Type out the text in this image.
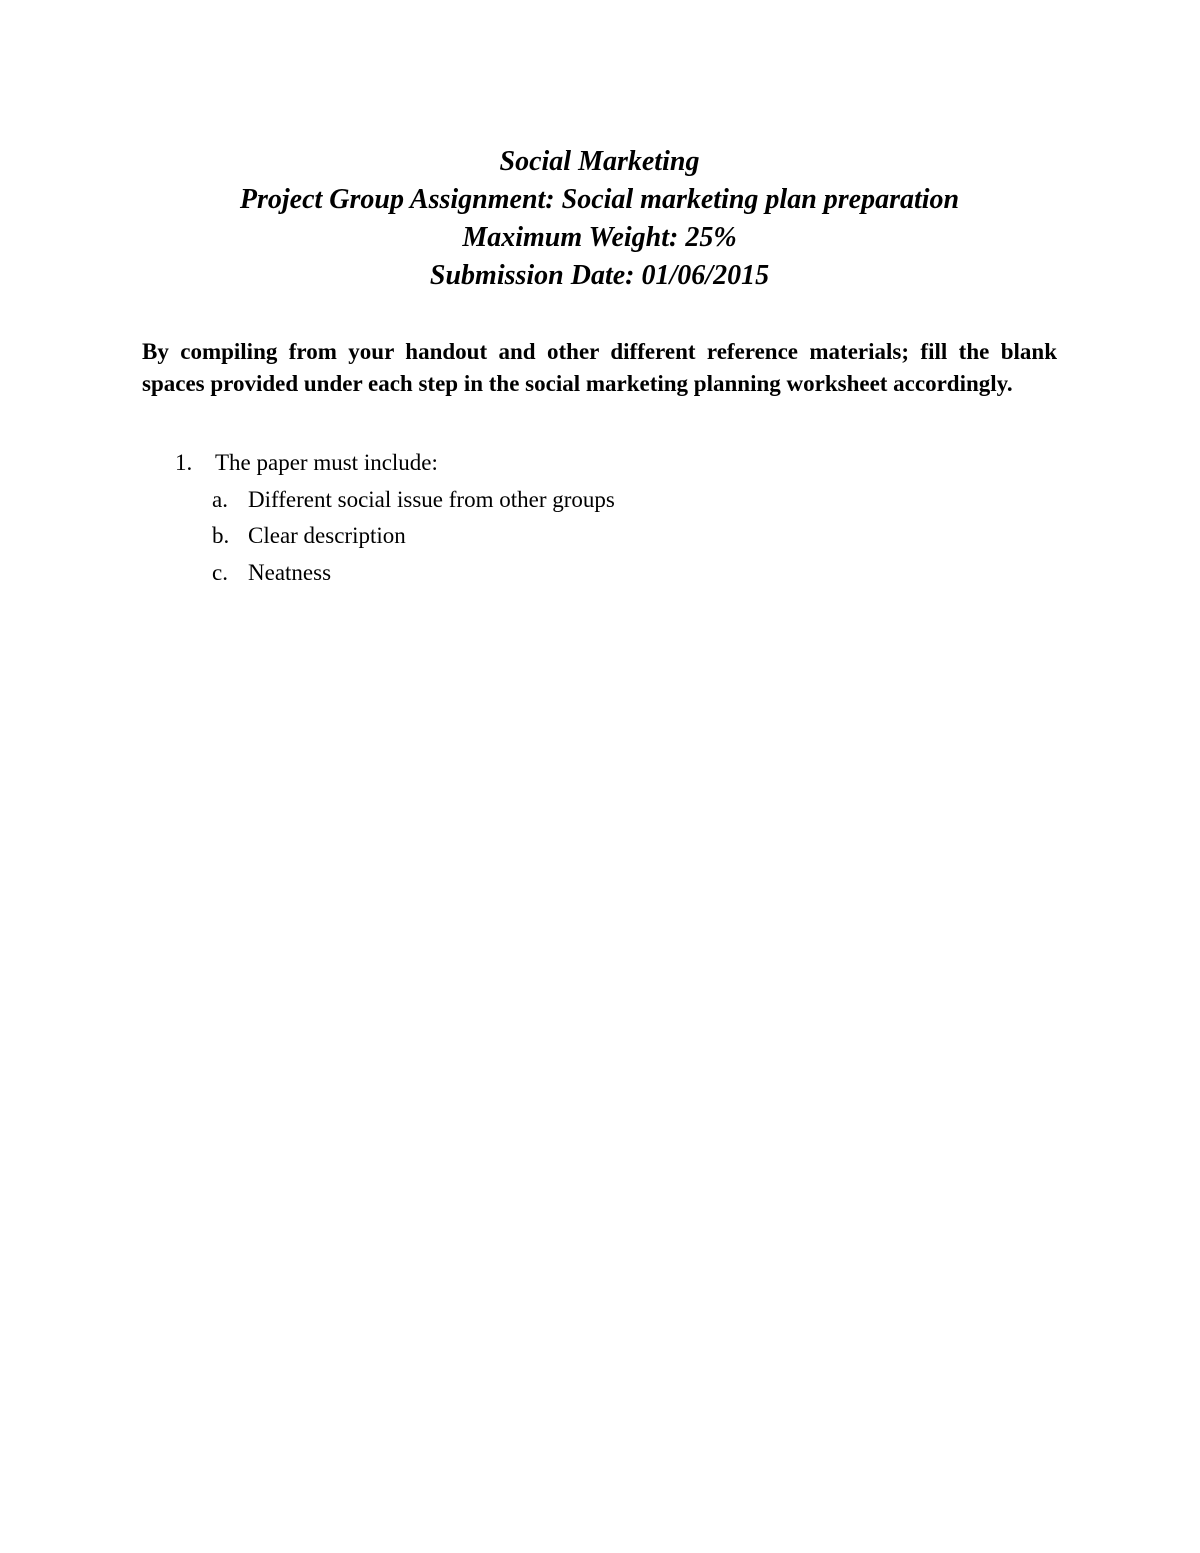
Social Marketing
Project Group Assignment: Social marketing plan preparation
Maximum Weight: 25%
Submission Date: 01/06/2015

By compiling from your handout and other different reference materials; fill the blank spaces provided under each step in the social marketing planning worksheet accordingly.

1. The paper must include:
a. Different social issue from other groups
b. Clear description
c. Neatness
